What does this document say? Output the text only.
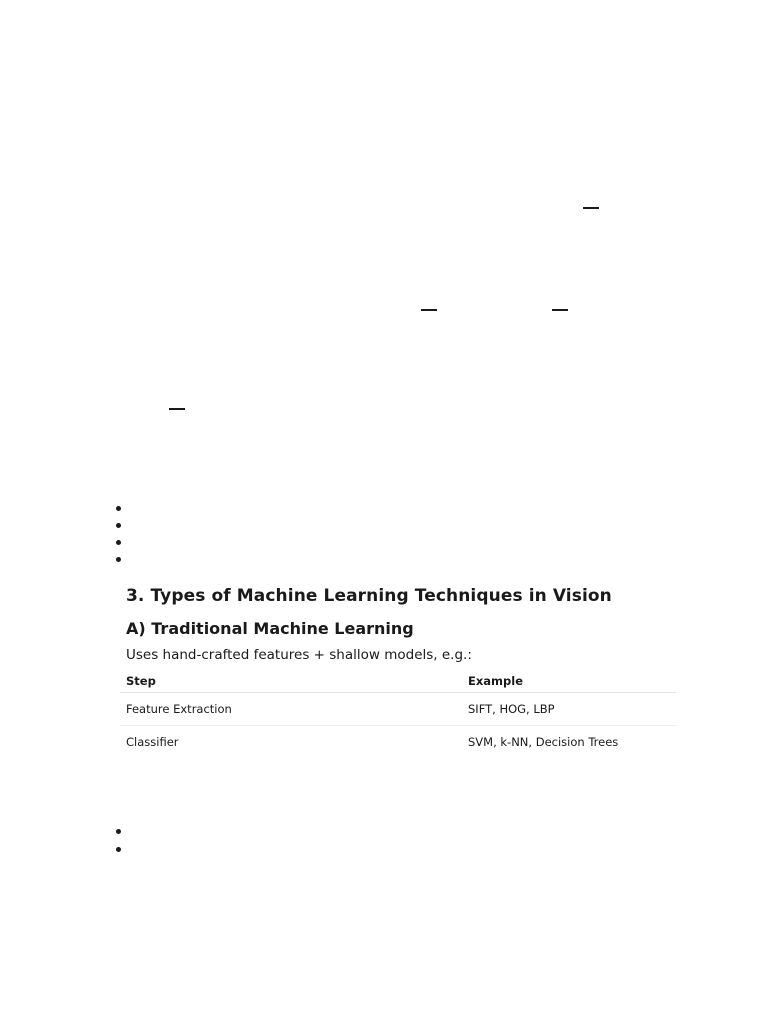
3. Types of Machine Learning Techniques in Vision
A) Traditional Machine Learning
Uses hand-crafted features + shallow models, e.g.:
Step	Example
Feature Extraction	SIFT, HOG, LBP
Classifier	SVM, k-NN, Decision Trees
